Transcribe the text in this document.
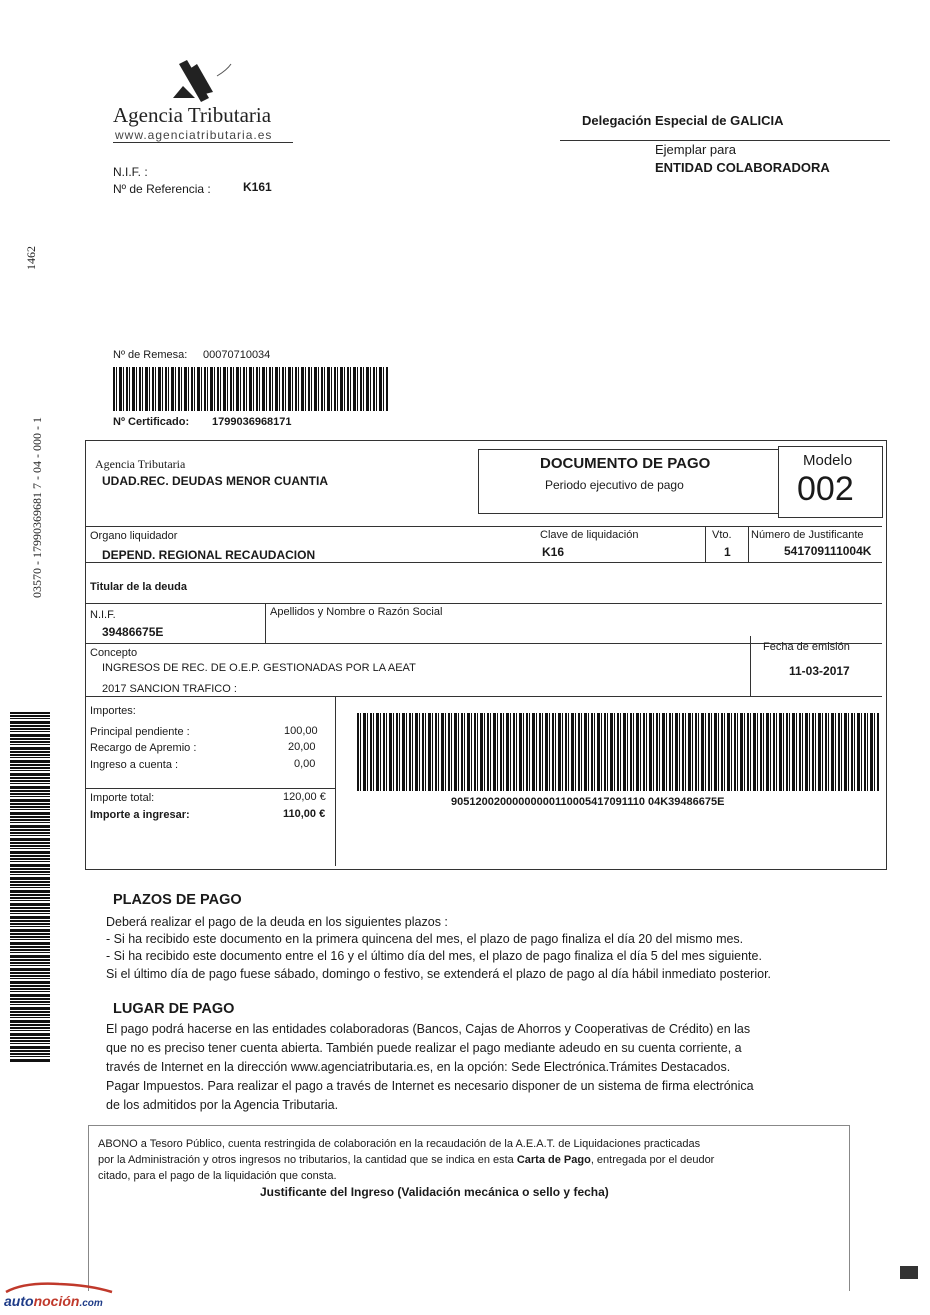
Agencia Tributaria
www.agenciatributaria.es
Delegación Especial de GALICIA
Ejemplar para
ENTIDAD COLABORADORA
N.I.F. :
Nº de Referencia :	K161
1462
03570 - 17990369681 7 - 04 - 000 - 1
Nº de Remesa: 00070710034
Nº Certificado: 1799036968171
Agencia Tributaria
UDAD.REC. DEUDAS MENOR CUANTIA
DOCUMENTO DE PAGO
Periodo ejecutivo de pago
Modelo
002
Organo liquidador
DEPEND. REGIONAL RECAUDACION
Clave de liquidación
K16
Vto.
1
Número de Justificante
541709111004K
Titular de la deuda
N.I.F.
39486675E
Apellidos y Nombre o Razón Social
Concepto
INGRESOS DE REC. DE O.E.P. GESTIONADAS POR LA AEAT
2017 SANCION TRAFICO :
Fecha de emisión
11-03-2017
Importes:
Principal pendiente :	100,00
Recargo de Apremio :	20,00
Ingreso a cuenta :	0,00
Importe total:	120,00 €
Importe a ingresar:	110,00 €
90512002000000000110005417091110 04K39486675E
PLAZOS DE PAGO
Deberá realizar el pago de la deuda en los siguientes plazos :
- Si ha recibido este documento en la primera quincena del mes, el plazo de pago finaliza el día 20 del mismo mes.
- Si ha recibido este documento entre el 16 y el último día del mes, el plazo de pago finaliza el día 5 del mes siguiente.
Si el último día de pago fuese sábado, domingo o festivo, se extenderá el plazo de pago al día hábil inmediato posterior.
LUGAR DE PAGO
El pago podrá hacerse en las entidades colaboradoras (Bancos, Cajas de Ahorros y Cooperativas de Crédito) en las
que no es preciso tener cuenta abierta. También puede realizar el pago mediante adeudo en su cuenta corriente, a
través de Internet en la dirección www.agenciatributaria.es, en la opción: Sede Electrónica.Trámites Destacados.
Pagar Impuestos. Para realizar el pago a través de Internet es necesario disponer de un sistema de firma electrónica
de los admitidos por la Agencia Tributaria.
ABONO a Tesoro Público, cuenta restringida de colaboración en la recaudación de la A.E.A.T. de Liquidaciones practicadas
por la Administración y otros ingresos no tributarios, la cantidad que se indica en esta Carta de Pago, entregada por el deudor
citado, para el pago de la liquidación que consta.
Justificante del Ingreso (Validación mecánica o sello y fecha)
autonoción.com
